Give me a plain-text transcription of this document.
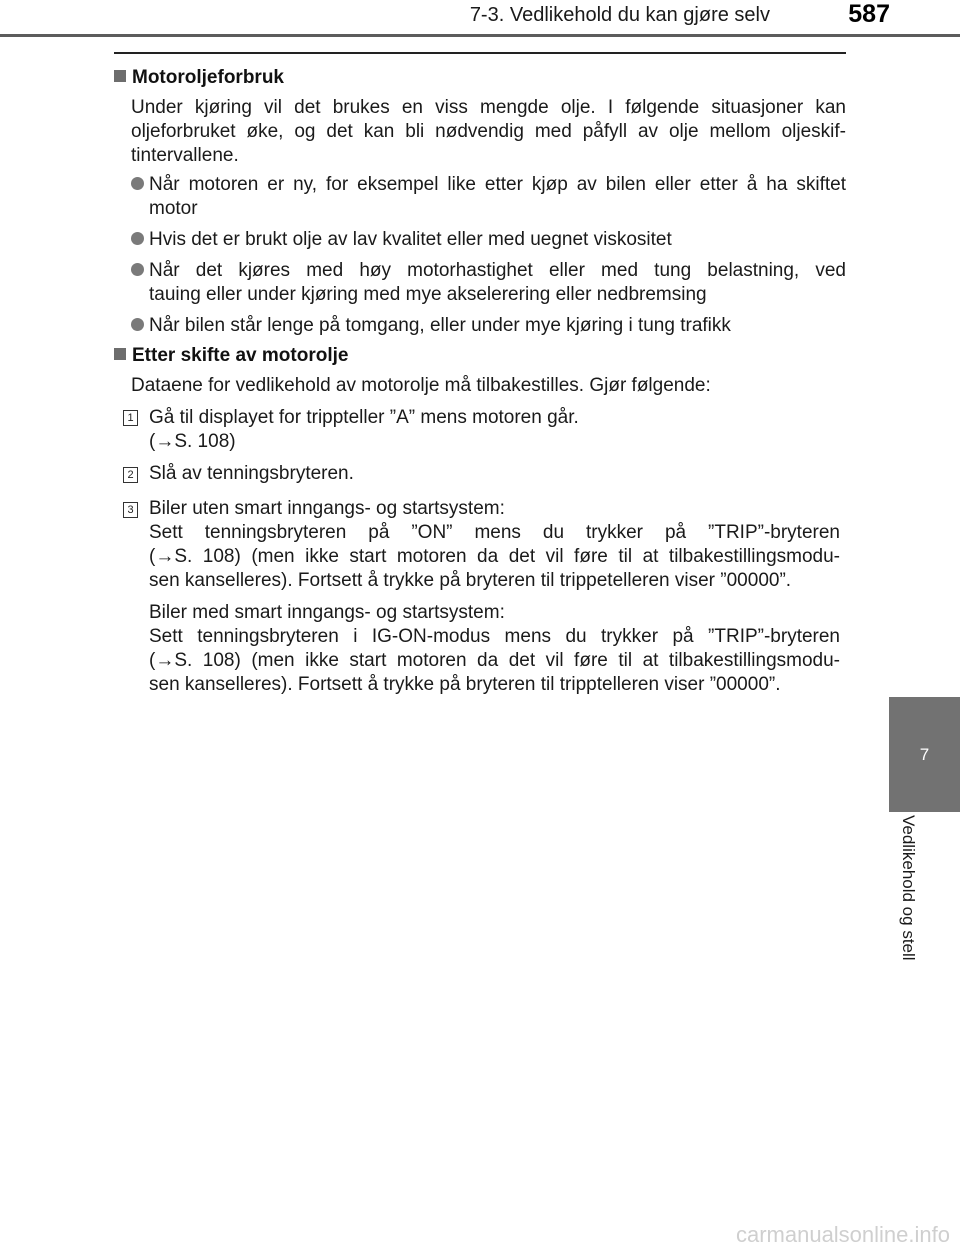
7-3. Vedlikehold du kan gjøre selv	587
7
Vedlikehold og stell
Motoroljeforbruk
Under kjøring vil det brukes en viss mengde olje. I følgende situasjoner kan
oljeforbruket øke, og det kan bli nødvendig med påfyll av olje mellom oljeskif-
tintervallene.
Når motoren er ny, for eksempel like etter kjøp av bilen eller etter å ha skiftet
motor
Hvis det er brukt olje av lav kvalitet eller med uegnet viskositet
Når det kjøres med høy motorhastighet eller med tung belastning, ved
tauing eller under kjøring med mye akselerering eller nedbremsing
Når bilen står lenge på tomgang, eller under mye kjøring i tung trafikk
Etter skifte av motorolje
Dataene for vedlikehold av motorolje må tilbakestilles. Gjør følgende:
1 Gå til displayet for trippteller ”A” mens motoren går.
(→S. 108)
2 Slå av tenningsbryteren.
3 Biler uten smart inngangs- og startsystem:
Sett tenningsbryteren på ”ON” mens du trykker på ”TRIP”-bryteren
(→S. 108) (men ikke start motoren da det vil føre til at tilbakestillingsmodu-
sen kanselleres). Fortsett å trykke på bryteren til trippetelleren viser ”00000”.
Biler med smart inngangs- og startsystem:
Sett tenningsbryteren i IG-ON-modus mens du trykker på ”TRIP”-bryteren
(→S. 108) (men ikke start motoren da det vil føre til at tilbakestillingsmodu-
sen kanselleres). Fortsett å trykke på bryteren til tripptelleren viser ”00000”.
carmanualsonline.info
